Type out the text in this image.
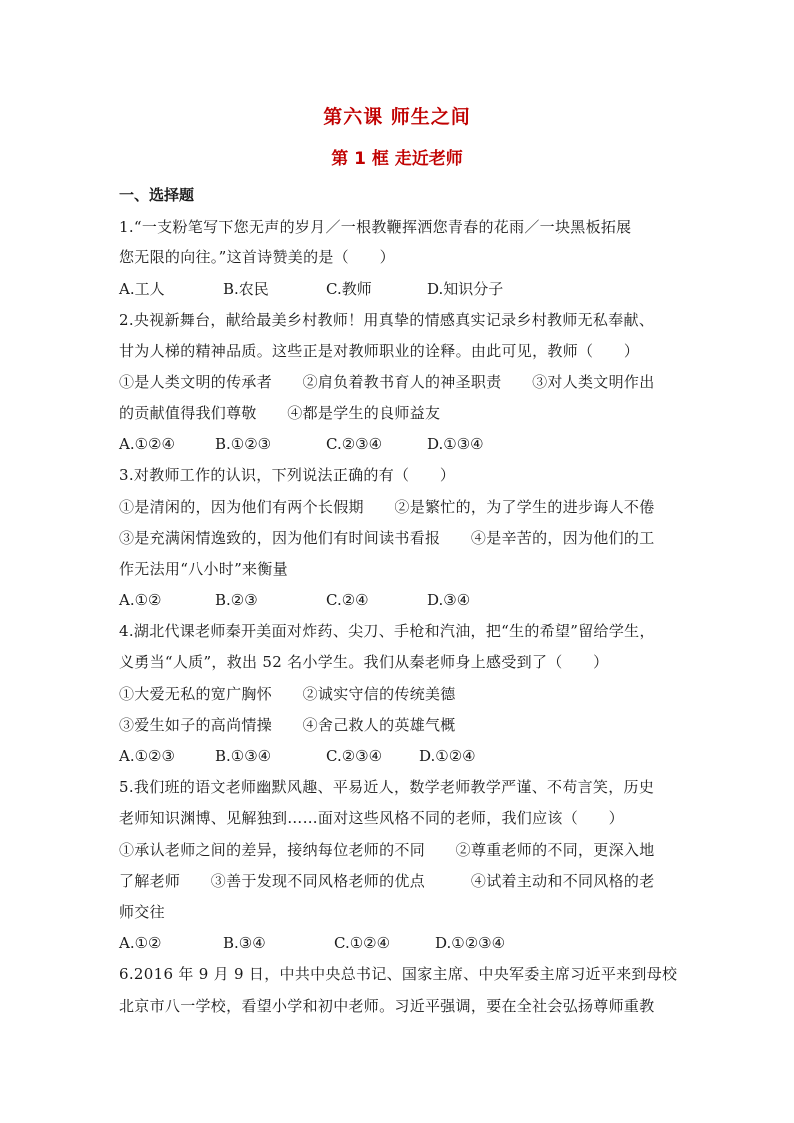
第六课 师生之间
第 1 框 走近老师
一、选择题
1.“一支粉笔写下您无声的岁月／一根教鞭挥洒您青春的花雨／一块黑板拓展
您无限的向往。”这首诗赞美的是（　　）
A.工人	B.农民	C.教师	D.知识分子
2.央视新舞台，献给最美乡村教师！用真挚的情感真实记录乡村教师无私奉献、
甘为人梯的精神品质。这些正是对教师职业的诠释。由此可见，教师（　　）
①是人类文明的传承者　　②肩负着教书育人的神圣职责　　③对人类文明作出
的贡献值得我们尊敬　　④都是学生的良师益友
A.①②④	B.①②③	C.②③④	D.①③④
3.对教师工作的认识，下列说法正确的有（　　）
①是清闲的，因为他们有两个长假期　　②是繁忙的，为了学生的进步诲人不倦
③是充满闲情逸致的，因为他们有时间读书看报　　④是辛苦的，因为他们的工
作无法用“八小时”来衡量
A.①②	B.②③	C.②④	D.③④
4.湖北代课老师秦开美面对炸药、尖刀、手枪和汽油，把“生的希望”留给学生，
义勇当“人质”，救出 52 名小学生。我们从秦老师身上感受到了（　　）
①大爱无私的宽广胸怀　　②诚实守信的传统美德
③爱生如子的高尚情操　　④舍己救人的英雄气概
A.①②③	B.①③④	C.②③④ D.①②④
5.我们班的语文老师幽默风趣、平易近人，数学老师教学严谨、不苟言笑，历史
老师知识渊博、见解独到……面对这些风格不同的老师，我们应该（　　）
①承认老师之间的差异，接纳每位老师的不同　　②尊重老师的不同，更深入地
了解老师　　③善于发现不同风格老师的优点　　　④试着主动和不同风格的老
师交往
A.①②	B.③④	C.①②④	D.①②③④
6.2016 年 9 月 9 日，中共中央总书记、国家主席、中央军委主席习近平来到母校
北京市八一学校，看望小学和初中老师。习近平强调，要在全社会弘扬尊师重教
